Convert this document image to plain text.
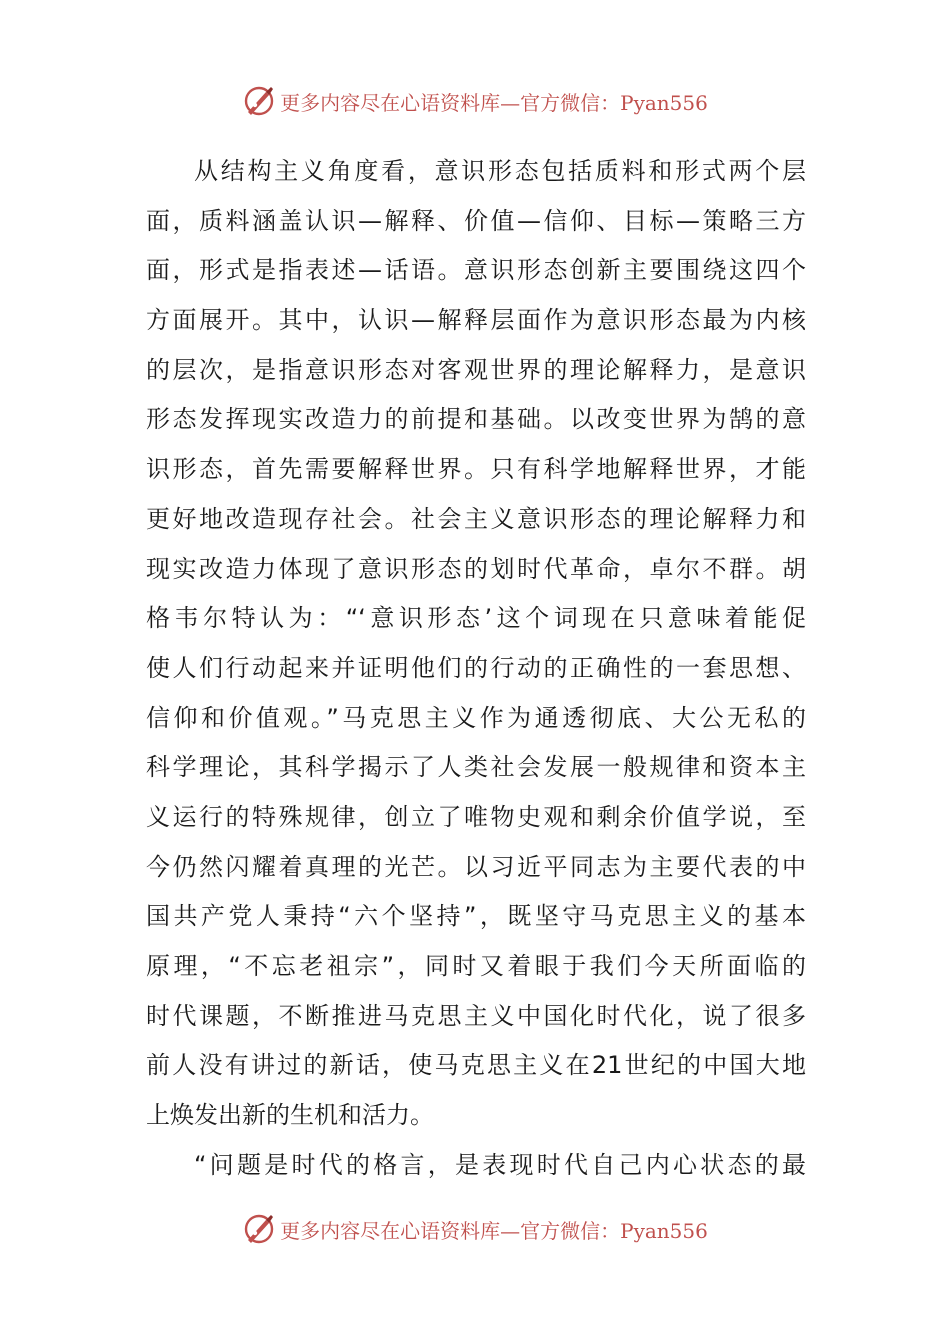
更多内容尽在心语资料库—官方微信：Pyan556
从结构主义角度看，意识形态包括质料和形式两个层
面，质料涵盖认识—解释、价值—信仰、目标—策略三方
面，形式是指表述—话语。意识形态创新主要围绕这四个
方面展开。其中，认识—解释层面作为意识形态最为内核
的层次，是指意识形态对客观世界的理论解释力，是意识
形态发挥现实改造力的前提和基础。以改变世界为鹄的意
识形态，首先需要解释世界。只有科学地解释世界，才能
更好地改造现存社会。社会主义意识形态的理论解释力和
现实改造力体现了意识形态的划时代革命，卓尔不群。胡
格韦尔特认为：“‘意识形态’这个词现在只意味着能促
使人们行动起来并证明他们的行动的正确性的一套思想、
信仰和价值观。”马克思主义作为通透彻底、大公无私的
科学理论，其科学揭示了人类社会发展一般规律和资本主
义运行的特殊规律，创立了唯物史观和剩余价值学说，至
今仍然闪耀着真理的光芒。以习近平同志为主要代表的中
国共产党人秉持“六个坚持”，既坚守马克思主义的基本
原理，“不忘老祖宗”，同时又着眼于我们今天所面临的
时代课题，不断推进马克思主义中国化时代化，说了很多
前人没有讲过的新话，使马克思主义在21世纪的中国大地
上焕发出新的生机和活力。
“问题是时代的格言，是表现时代自己内心状态的最
更多内容尽在心语资料库—官方微信：Pyan556
